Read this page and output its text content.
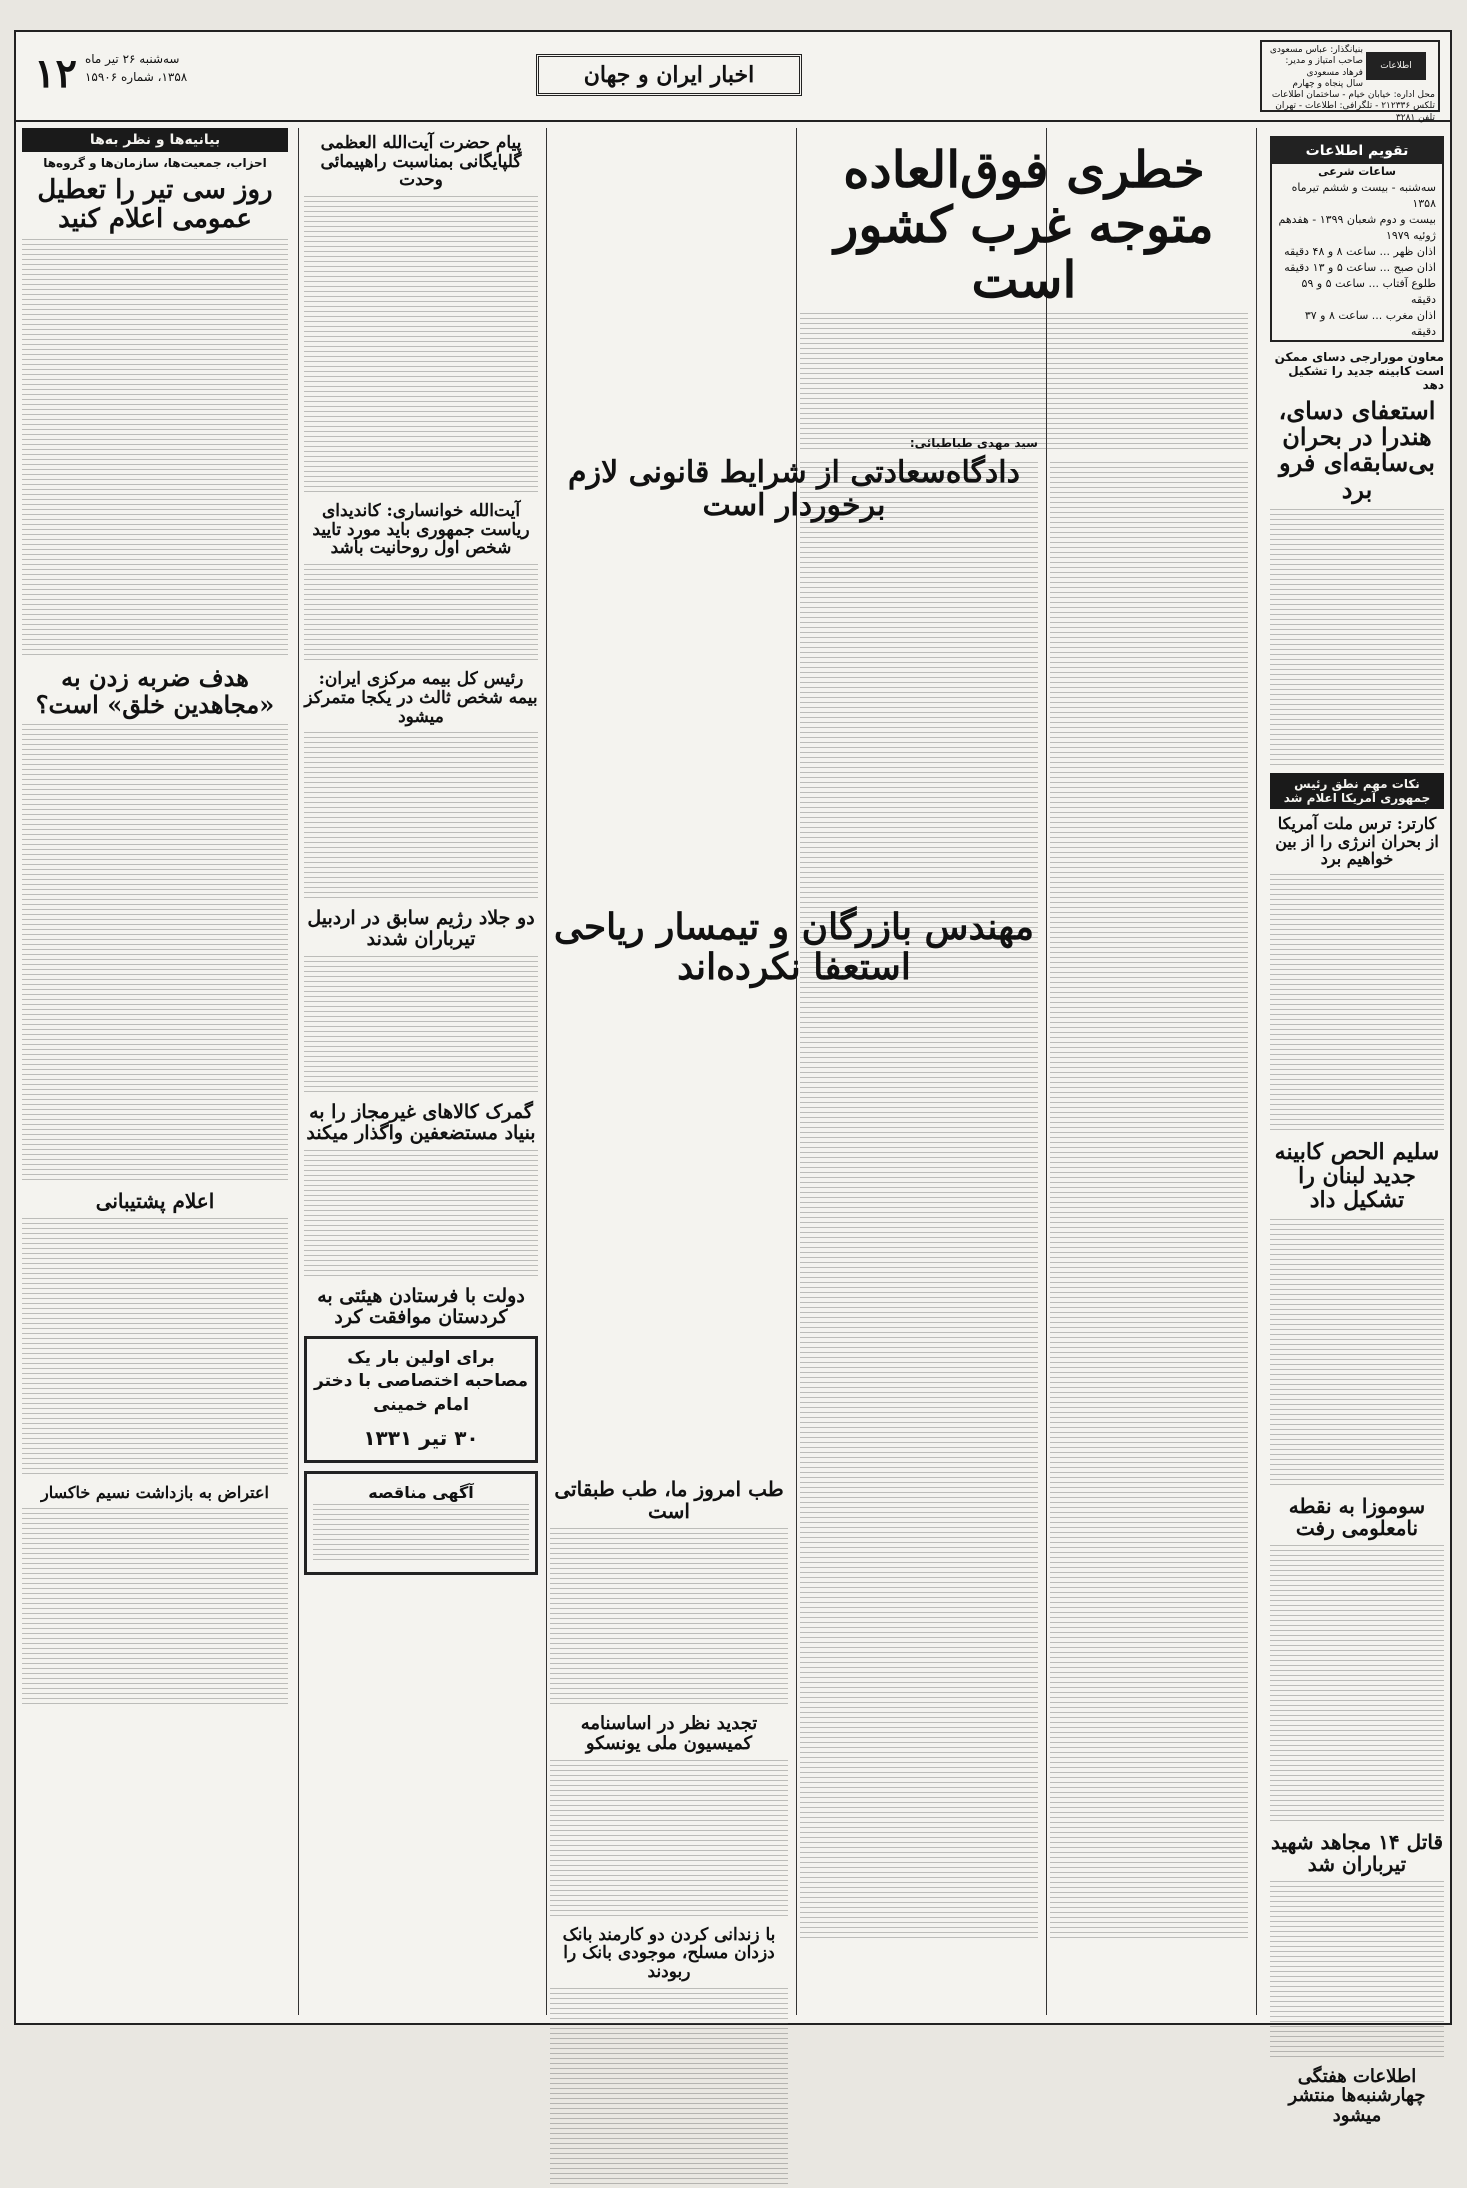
اطلاعات
بنیانگذار: عباس مسعودی
صاحب امتیاز و مدیر: فرهاد مسعودی
سال پنجاه و چهارم
محل اداره: خیابان خیام - ساختمان اطلاعات
تلکس ۲۱۲۳۳۶ - تلگرافی: اطلاعات - تهران
تلفن ۳۲۸۱
اخبار ایران و جهان
۱۲ سه‌شنبه ۲۶ تیر ماه
۱۳۵۸، شماره ۱۵۹۰۶
تقویم اطلاعات
ساعات شرعی
سه‌شنبه - بیست و ششم تیرماه ۱۳۵۸
بیست و دوم شعبان ۱۳۹۹ - هفدهم ژوئیه ۱۹۷۹
اذان ظهر ... ساعت ۸ و ۴۸ دقیقه
اذان صبح ... ساعت ۵ و ۱۳ دقیقه
طلوع آفتاب ... ساعت ۵ و ۵۹ دقیقه
اذان مغرب ... ساعت ۸ و ۳۷ دقیقه
معاون مورارجی دسای ممکن است کابینه جدید را تشکیل دهد
استعفای دسای، هندرا در بحران بی‌سابقه‌ای فرو برد
نکات مهم نطق رئیس جمهوری آمریکا اعلام شد
کارتر: ترس ملت آمریکا از بحران انرژی را از بین خواهیم برد
سلیم الحص کابینه جدید لبنان را تشکیل داد
سوموزا به نقطه نامعلومی رفت
قاتل ۱۴ مجاهد شهید تیرباران شد
اطلاعات هفتگی چهارشنبه‌ها منتشر میشود
خطری فوق‌العاده متوجه غرب کشور است
سید مهدی طباطبائی:
دادگاه‌سعادتی‌ از شرایط قانونی لازم برخوردار است
مهندس بازرگان و تیمسار ریاحی استعفا نکرده‌اند
طب امروز ما، طب طبقاتی است
تجدید نظر در اساسنامه کمیسیون ملی یونسکو
با زندانی کردن دو کارمند بانک دزدان مسلح، موجودی بانک را ربودند
پیام حضرت آیت‌الله العظمی گلپایگانی بمناسبت راهپیمائی وحدت
آیت‌الله خوانساری: کاندیدای ریاست جمهوری باید مورد تایید شخص اول روحانیت باشد
رئیس کل بیمه مرکزی ایران: بیمه شخص ثالث در یکجا متمرکز میشود
دو جلاد رژیم سابق در اردبیل تیرباران شدند
گمرک کالاهای غیرمجاز را به بنیاد مستضعفین واگذار میکند
دولت با فرستادن هیئتی به کردستان موافقت کرد
برای اولین بار یک مصاحبه اختصاصی با دختر امام خمینی
۳۰ تیر ۱۳۳۱
آگهی مناقصه
بیانیه‌ها و نظر به‌ها
احزاب، جمعیت‌ها، سازمان‌ها و گروه‌ها
روز سی تیر را تعطیل عمومی اعلام کنید
هدف ضربه زدن به «مجاهدین خلق» است؟
اعلام پشتیبانی
اعتراض به بازداشت نسیم خاکسار
